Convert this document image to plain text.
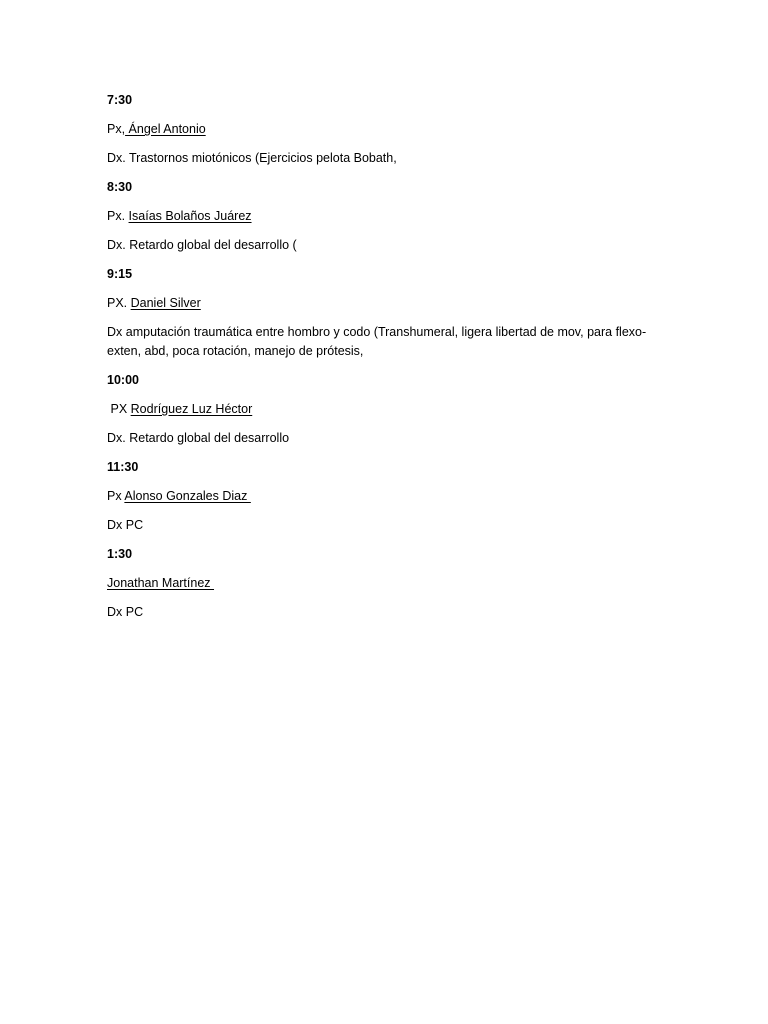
7:30

Px, Ángel Antonio

Dx. Trastornos miotónicos (Ejercicios pelota Bobath,

8:30

Px. Isaías Bolaños Juárez

Dx. Retardo global del desarrollo (

9:15

PX. Daniel Silver

Dx amputación traumática entre hombro y codo (Transhumeral, ligera libertad de mov, para flexo-exten, abd, poca rotación, manejo de prótesis,

10:00

PX Rodríguez Luz Héctor

Dx. Retardo global del desarrollo

11:30

Px Alonso Gonzales Diaz

Dx PC

1:30

Jonathan Martínez

Dx PC
